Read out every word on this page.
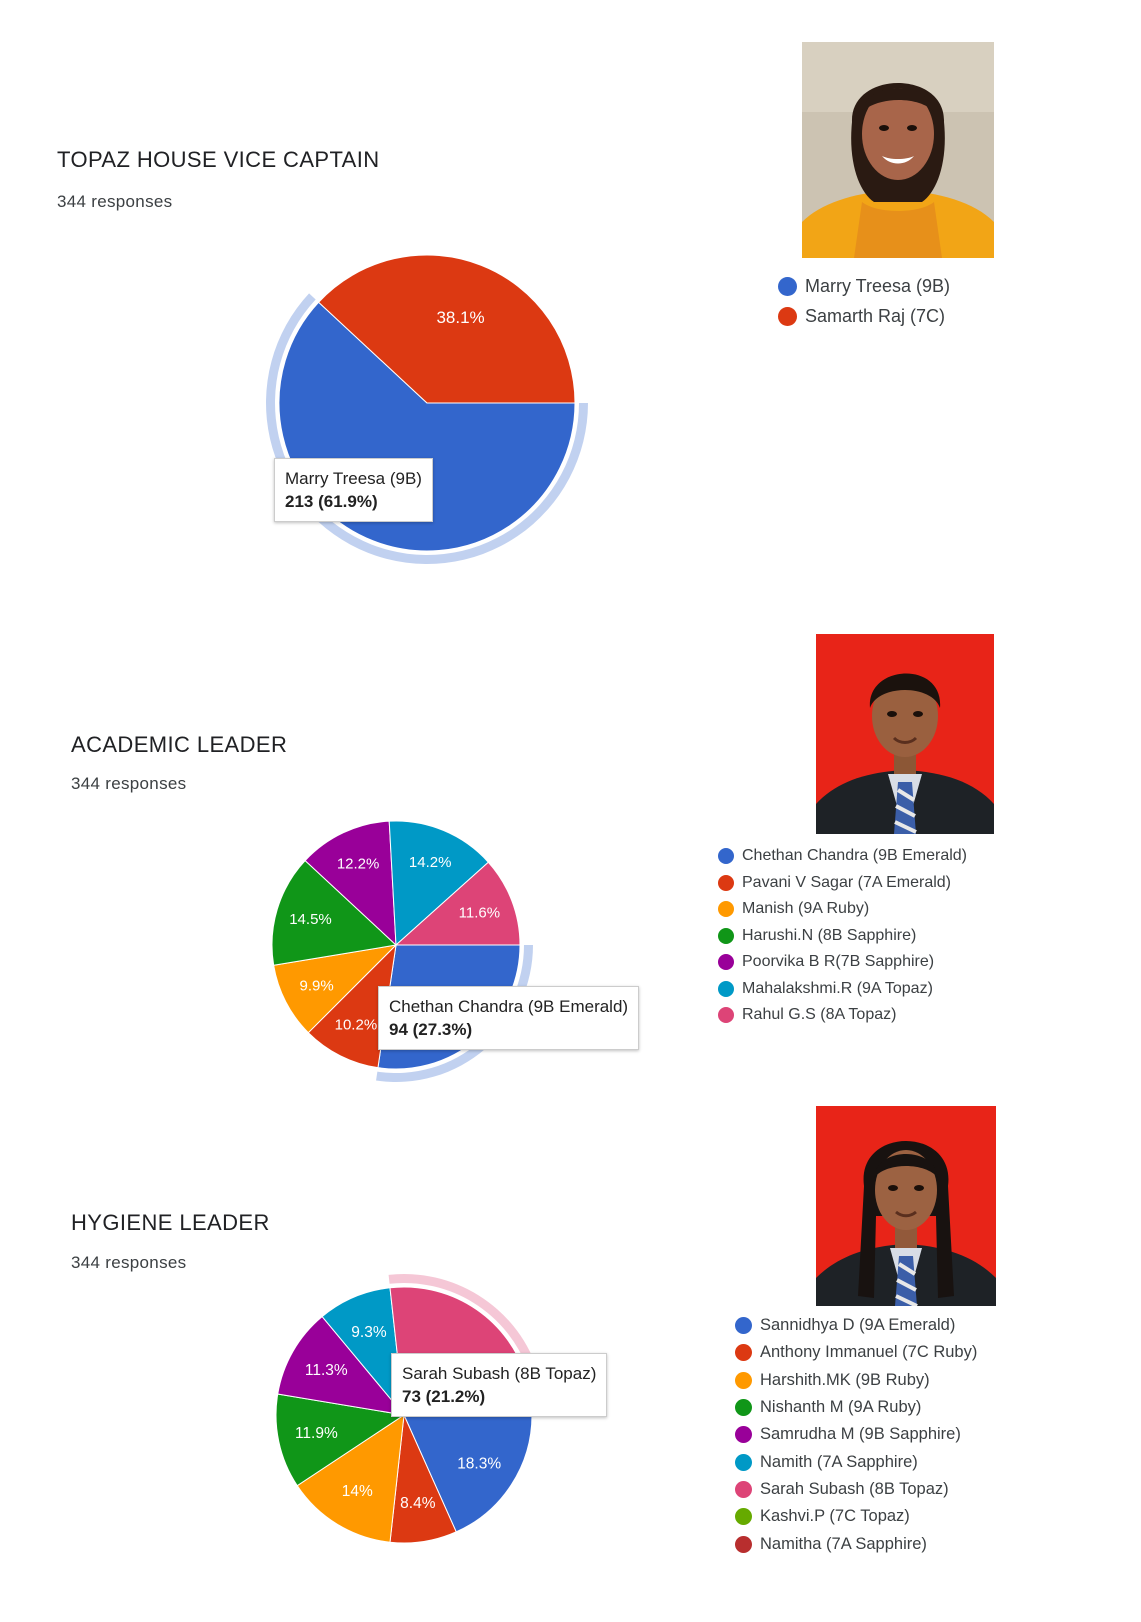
TOPAZ HOUSE VICE CAPTAIN
344 responses
Marry Treesa (9B)
Samarth Raj (7C)
38.1%
Marry Treesa (9B)
213 (61.9%)
ACADEMIC LEADER
344 responses
Chethan Chandra (9B Emerald)
Pavani V Sagar (7A Emerald)
Manish (9A Ruby)
Harushi.N (8B Sapphire)
Poorvika B R(7B Sapphire)
Mahalakshmi.R (9A Topaz)
Rahul G.S (8A Topaz)
10.2%
9.9%
14.5%
12.2% 14.2%
11.6%
Chethan Chandra (9B Emerald)
94 (27.3%)
HYGIENE LEADER
344 responses
Sannidhya D (9A Emerald)
Anthony Immanuel (7C Ruby)
Harshith.MK (9B Ruby)
Nishanth M (9A Ruby)
Samrudha M (9B Sapphire)
Namith (7A Sapphire)
Sarah Subash (8B Topaz)
Kashvi.P (7C Topaz)
Namitha (7A Sapphire)
18.3%
8.4%
14%
11.9%
11.3%
9.3%
Sarah Subash (8B Topaz)
73 (21.2%)
